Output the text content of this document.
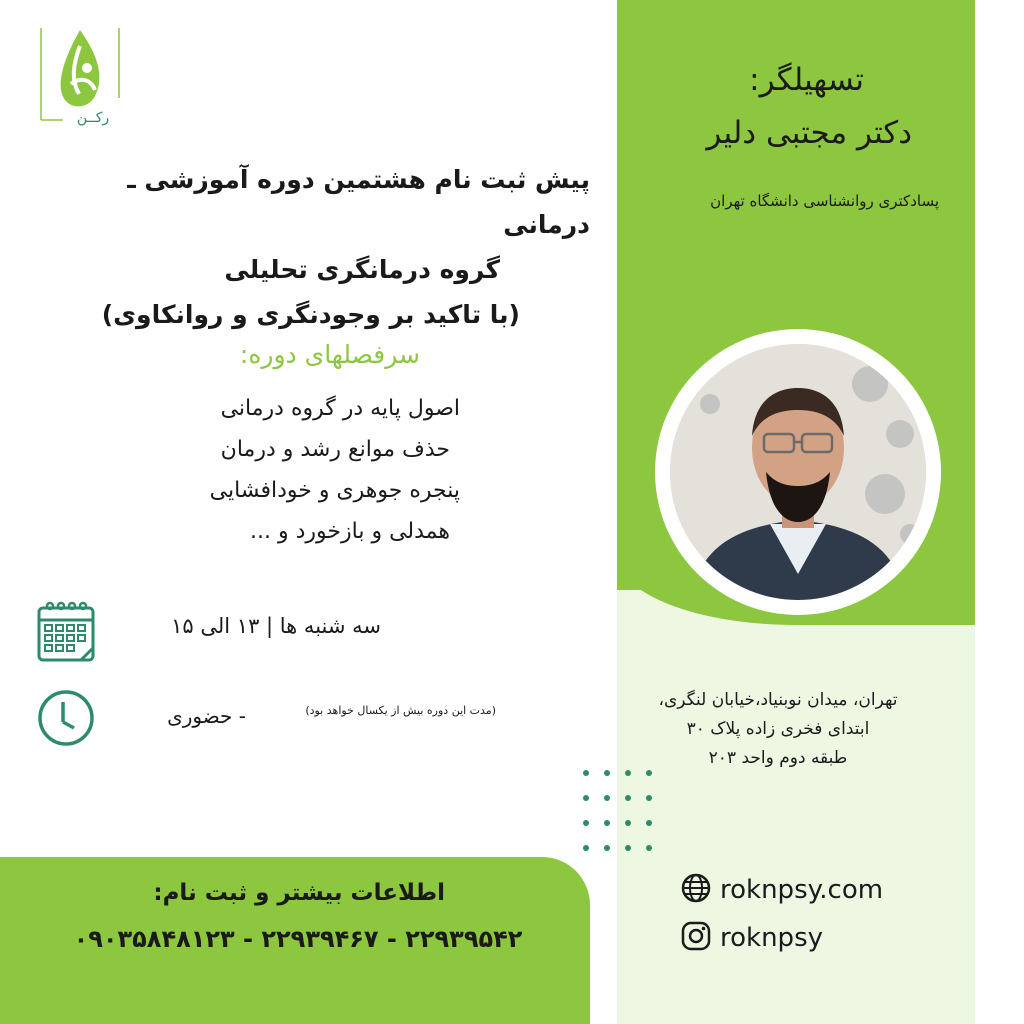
رکــن
پیش ثبت نام هشتمین دوره آموزشی ـ درمانی
گروه درمانگری تحلیلی
(با تاکید بر وجودنگری و روانکاوی)
سرفصلهای دوره:
اصول پایه در گروه درمانی
حذف موانع رشد و درمان
پنجره جوهری و خودافشایی
همدلی و بازخورد و ...
سه شنبه ها | ۱۳ الی ۱۵
- حضوری	(مدت این دوره بیش از یکسال خواهد بود)
تسهیلگر:
دکتر مجتبی دلیر
پسادکتری روانشناسی دانشگاه تهران
تهران، میدان نوبنیاد،خیابان لنگری،
ابتدای فخری زاده پلاک ۳۰
طبقه دوم واحد ۲۰۳
roknpsy.com
roknpsy
اطلاعات بیشتر و ثبت نام:
۰۹۰۳۵۸۴۸۱۲۳ - ۲۲۹۳۹۴۶۷ - ۲۲۹۳۹۵۴۲
